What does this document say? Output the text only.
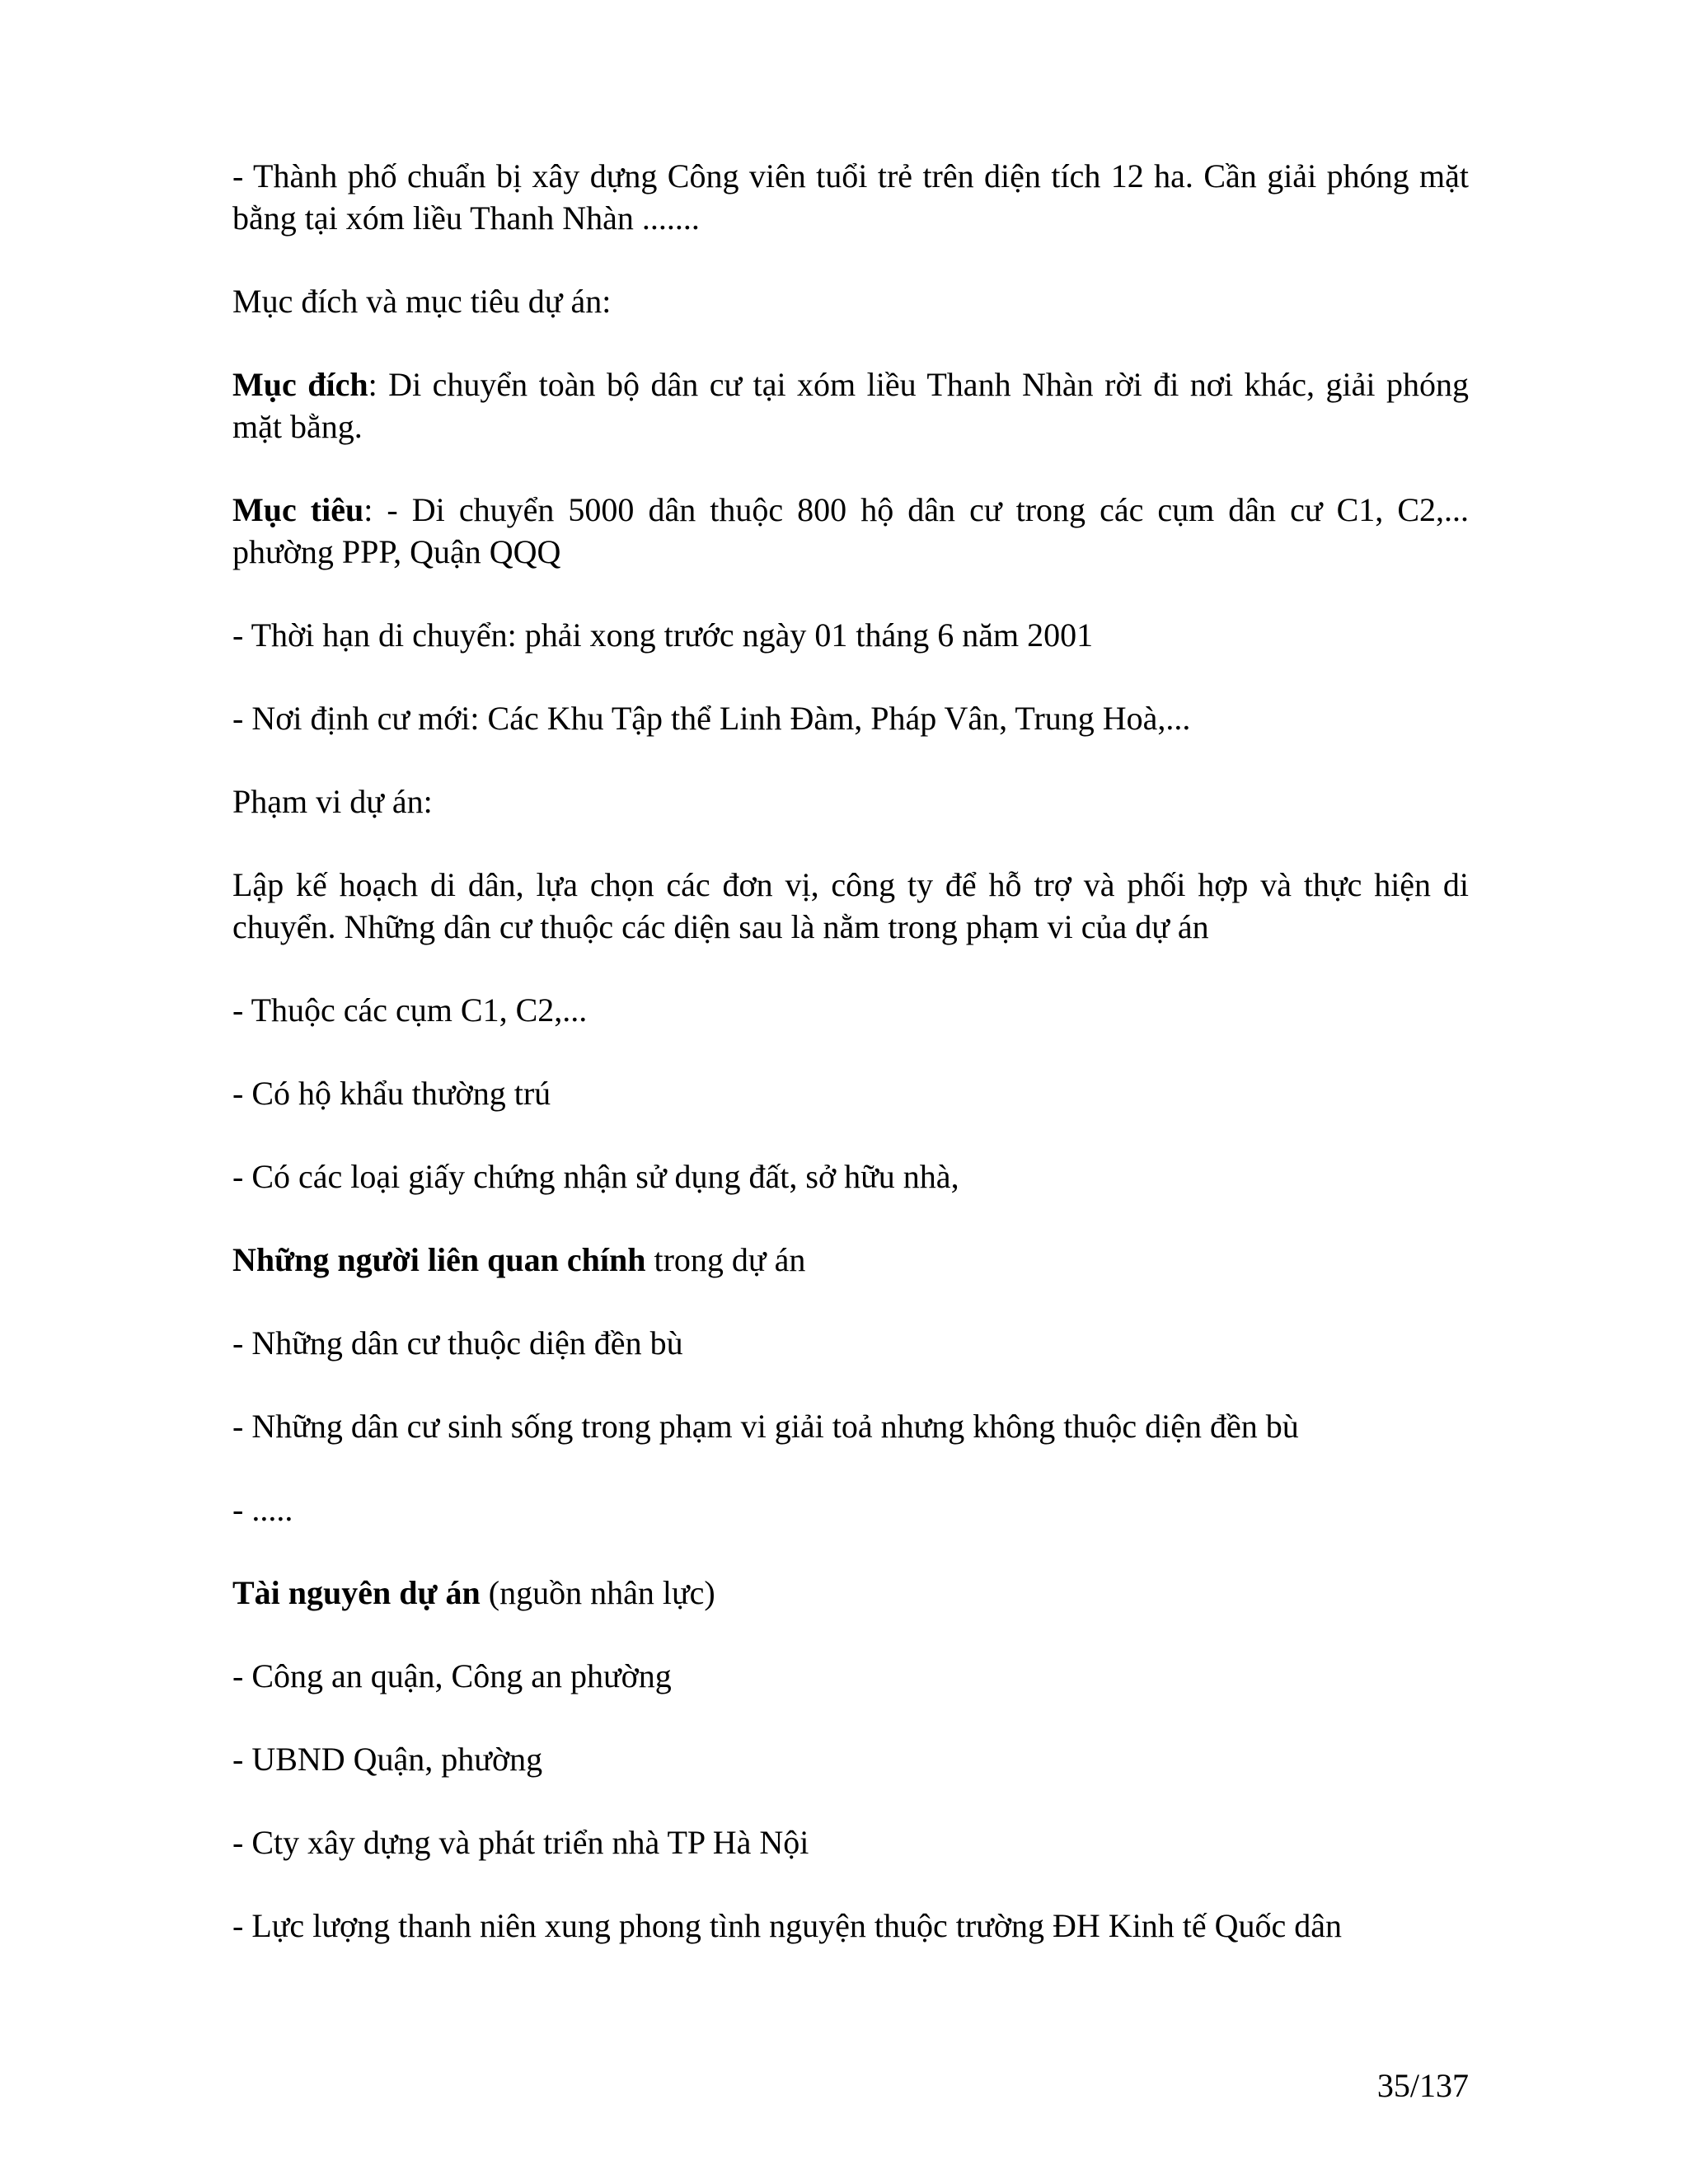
- Thành phố chuẩn bị xây dựng Công viên tuổi trẻ trên diện tích 12 ha. Cần giải phóng mặt bằng tại xóm liều Thanh Nhàn .......

Mục đích và mục tiêu dự án:

Mục đích: Di chuyển toàn bộ dân cư tại xóm liều Thanh Nhàn rời đi nơi khác, giải phóng mặt bằng.

Mục tiêu: - Di chuyển 5000 dân thuộc 800 hộ dân cư trong các cụm dân cư C1, C2,... phường PPP, Quận QQQ

- Thời hạn di chuyển: phải xong trước ngày 01 tháng 6 năm 2001

- Nơi định cư mới: Các Khu Tập thể Linh Đàm, Pháp Vân, Trung Hoà,...

Phạm vi dự án:

Lập kế hoạch di dân, lựa chọn các đơn vị, công ty để hỗ trợ và phối hợp và thực hiện di chuyển. Những dân cư thuộc các diện sau là nằm trong phạm vi của dự án

- Thuộc các cụm C1, C2,...

- Có hộ khẩu thường trú

- Có các loại giấy chứng nhận sử dụng đất, sở hữu nhà,

Những người liên quan chính trong dự án

- Những dân cư thuộc diện đền bù

- Những dân cư sinh sống trong phạm vi giải toả nhưng không thuộc diện đền bù

- .....

Tài nguyên dự án (nguồn nhân lực)

- Công an quận, Công an phường

- UBND Quận, phường

- Cty xây dựng và phát triển nhà TP Hà Nội

- Lực lượng thanh niên xung phong tình nguyện thuộc trường ĐH Kinh tế Quốc dân

35/137
